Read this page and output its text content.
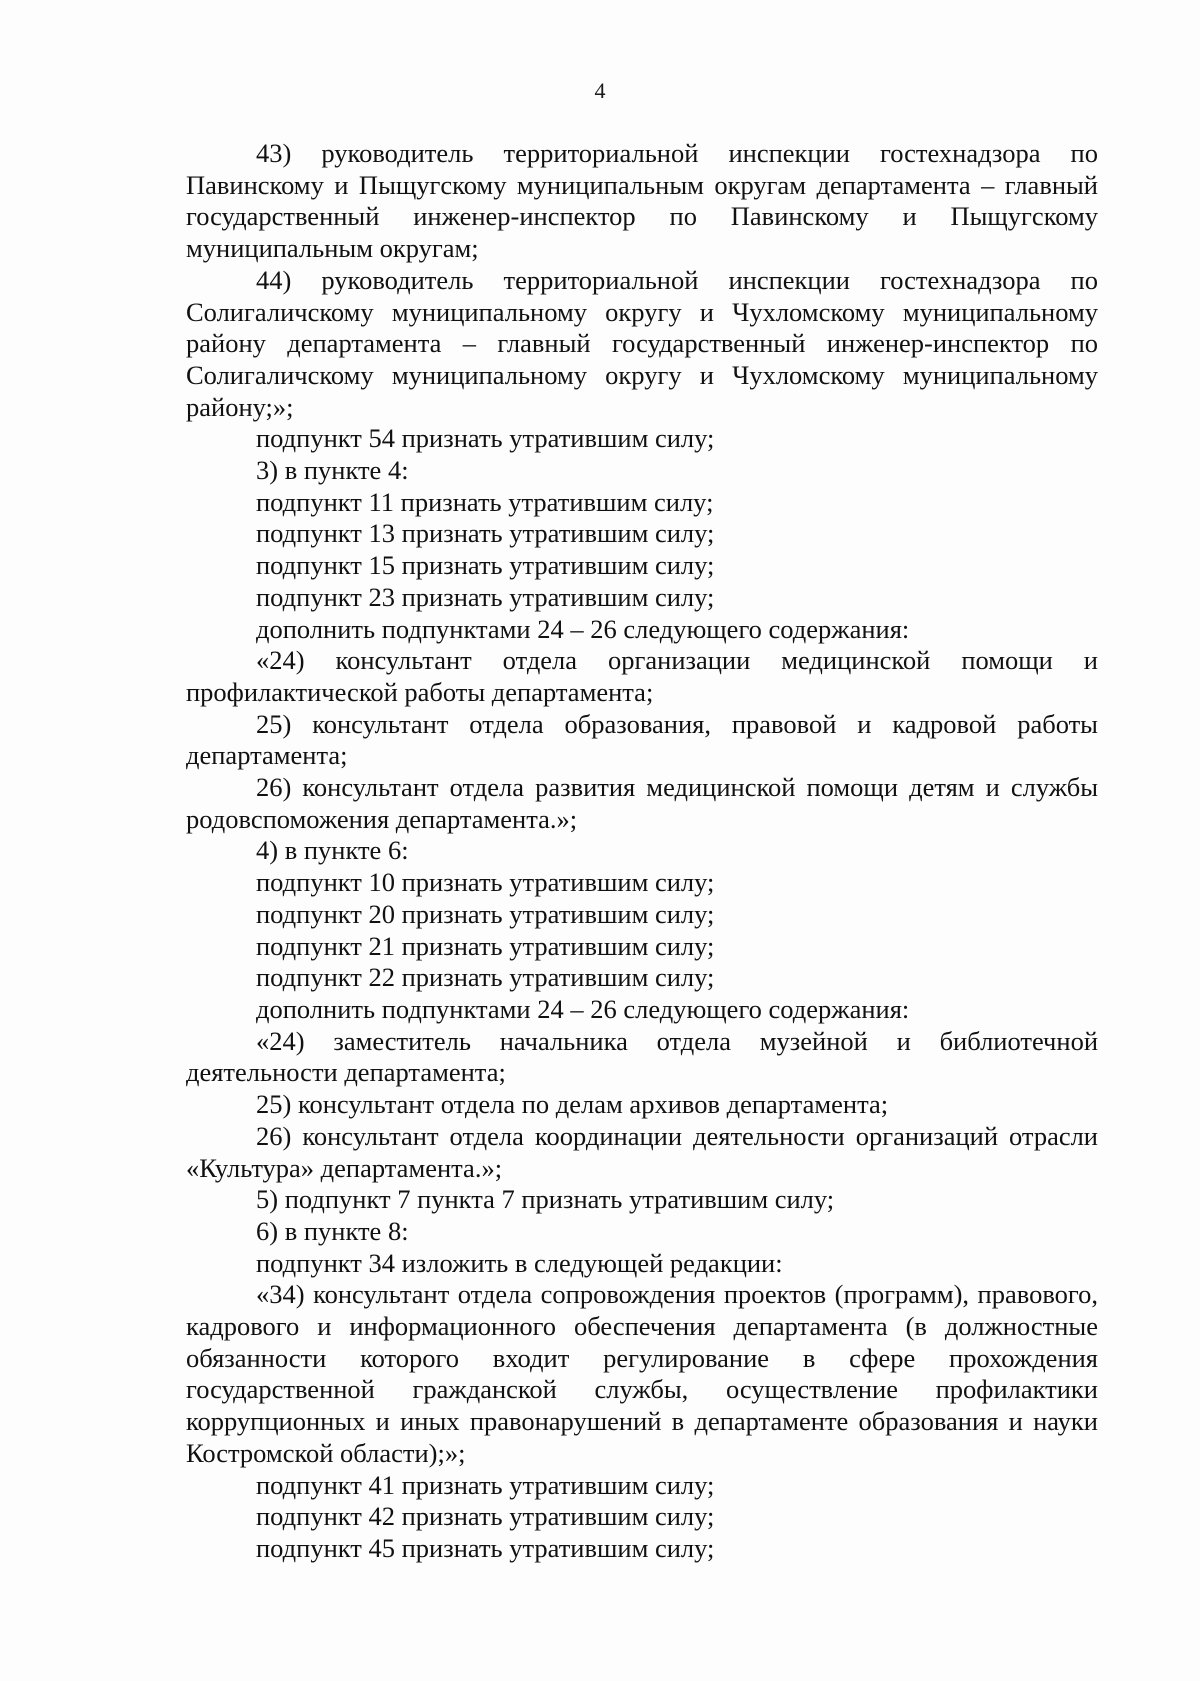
4

43) руководитель территориальной инспекции гостехнадзора по Павинскому и Пыщугскому муниципальным округам департамента – главный государственный инженер-инспектор по Павинскому и Пыщугскому муниципальным округам;

44) руководитель территориальной инспекции гостехнадзора по Солигаличскому муниципальному округу и Чухломскому муниципальному району департамента – главный государственный инженер-инспектор по Солигаличскому муниципальному округу и Чухломскому муниципальному району;»;

подпункт 54 признать утратившим силу;

3) в пункте 4:

подпункт 11 признать утратившим силу;

подпункт 13 признать утратившим силу;

подпункт 15 признать утратившим силу;

подпункт 23 признать утратившим силу;

дополнить подпунктами 24 – 26 следующего содержания:

«24) консультант отдела организации медицинской помощи и профилактической работы департамента;

25) консультант отдела образования, правовой и кадровой работы департамента;

26) консультант отдела развития медицинской помощи детям и службы родовспоможения департамента.»;

4) в пункте 6:

подпункт 10 признать утратившим силу;

подпункт 20 признать утратившим силу;

подпункт 21 признать утратившим силу;

подпункт 22 признать утратившим силу;

дополнить подпунктами 24 – 26 следующего содержания:

«24) заместитель начальника отдела музейной и библиотечной деятельности департамента;

25) консультант отдела по делам архивов департамента;

26) консультант отдела координации деятельности организаций отрасли «Культура» департамента.»;

5) подпункт 7 пункта 7 признать утратившим силу;

6) в пункте 8:

подпункт 34 изложить в следующей редакции:

«34) консультант отдела сопровождения проектов (программ), правового, кадрового и информационного обеспечения департамента (в должностные обязанности которого входит регулирование в сфере прохождения государственной гражданской службы, осуществление профилактики коррупционных и иных правонарушений в департаменте образования и науки Костромской области);»;

подпункт 41 признать утратившим силу;

подпункт 42 признать утратившим силу;

подпункт 45 признать утратившим силу;
